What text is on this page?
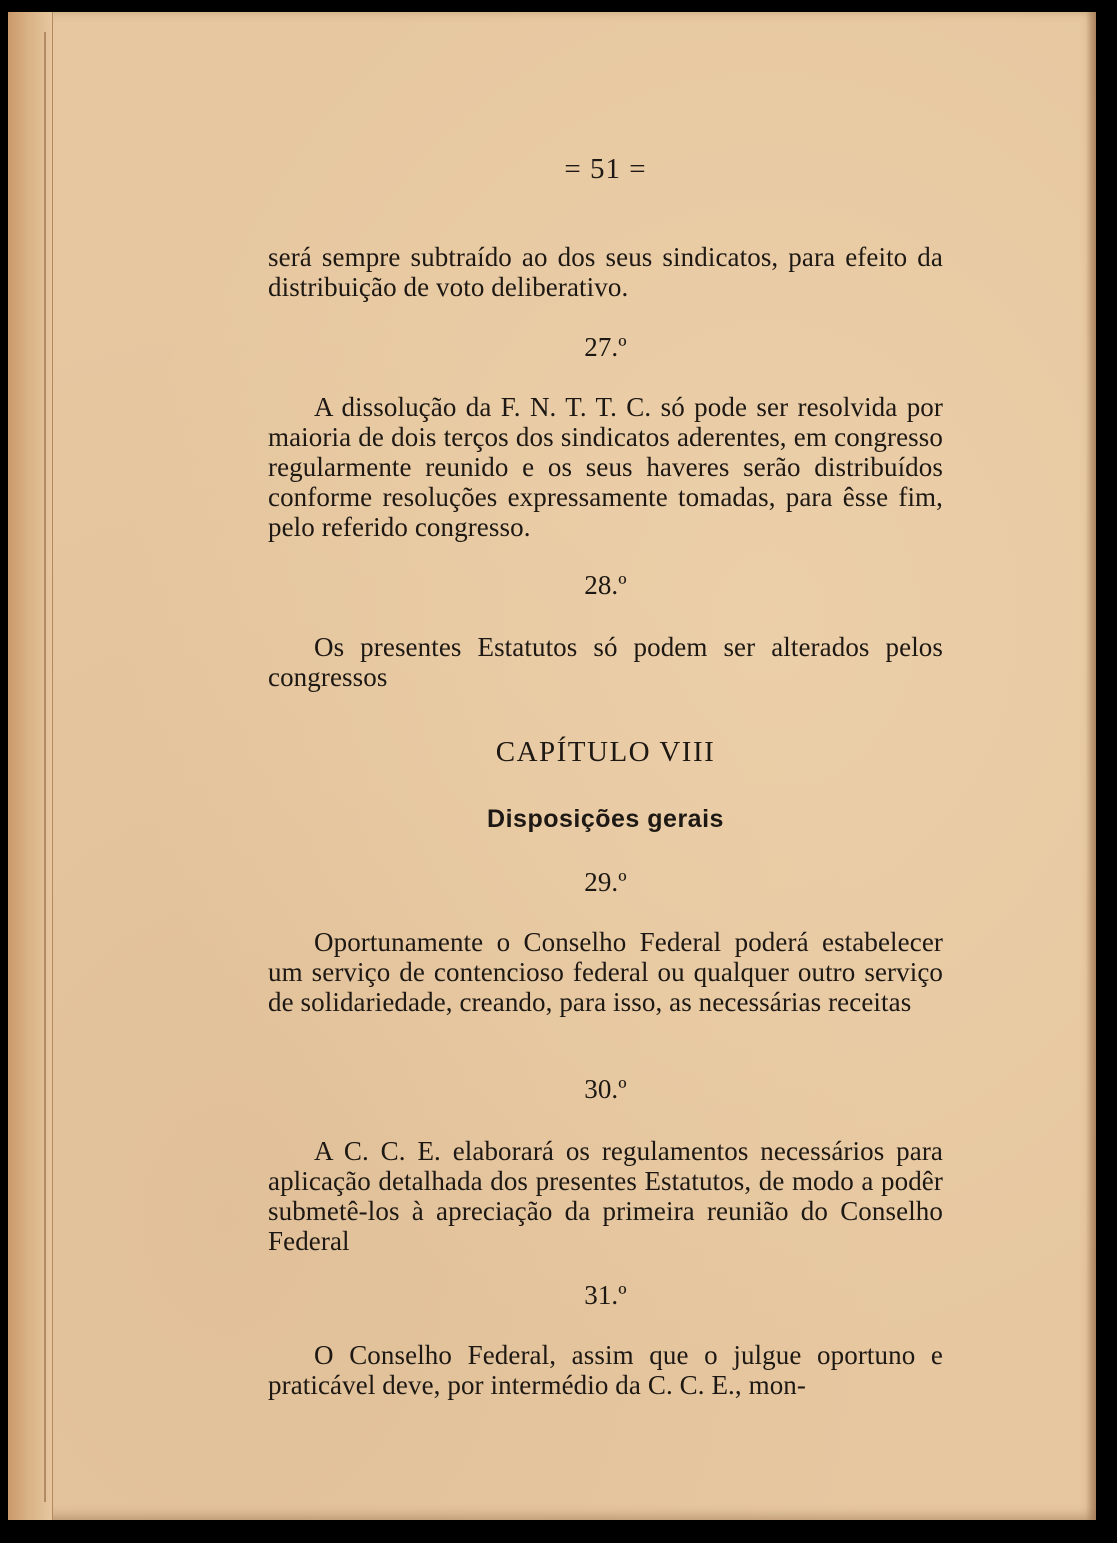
= 51 =

será sempre subtraído ao dos seus sindicatos, para efeito da distribuição de voto deliberativo.

27.º

A dissolução da F. N. T. T. C. só pode ser resolvida por maioria de dois terços dos sindicatos aderentes, em congresso regularmente reunido e os seus haveres serão distribuídos conforme resoluções expressamente tomadas, para êsse fim, pelo referido congresso.

28.º

Os presentes Estatutos só podem ser alterados pelos congressos

CAPÍTULO VIII

Disposições gerais

29.º

Oportunamente o Conselho Federal poderá estabelecer um serviço de contencioso federal ou qualquer outro serviço de solidariedade, creando, para isso, as necessárias receitas

30.º

A C. C. E. elaborará os regulamentos necessários para aplicação detalhada dos presentes Estatutos, de modo a podêr submetê-los à apreciação da primeira reunião do Conselho Federal

31.º

O Conselho Federal, assim que o julgue oportuno e praticável deve, por intermédio da C. C. E., mon-
